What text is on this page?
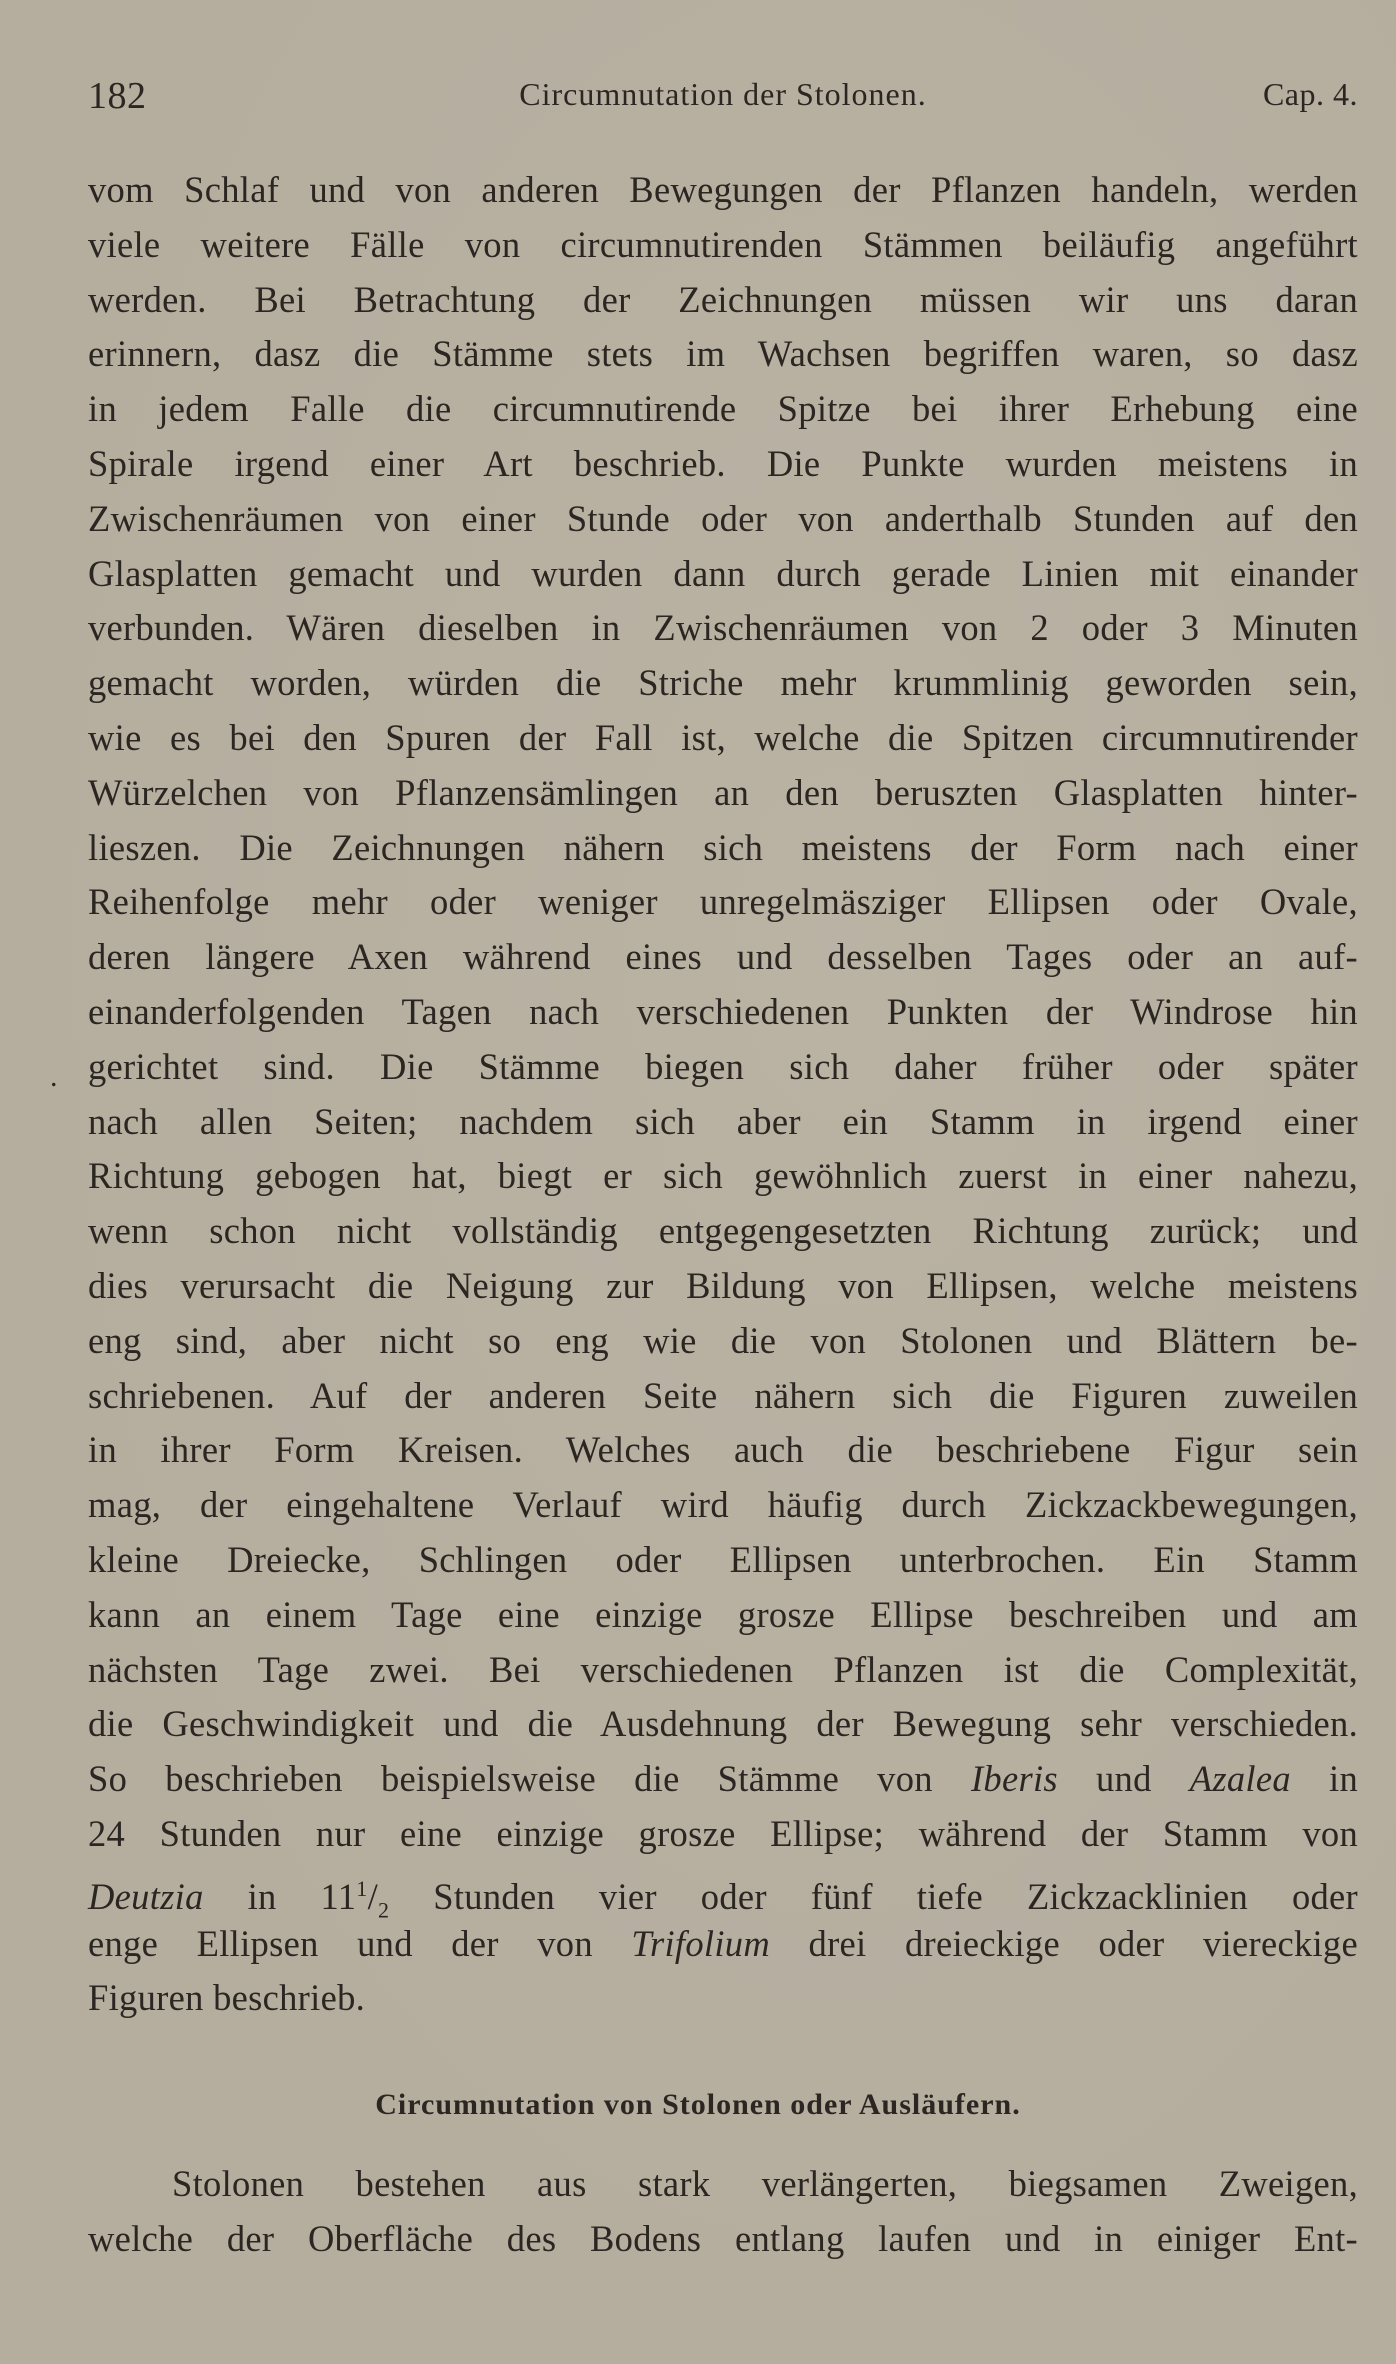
182	Circumnutation der Stolonen.	Cap. 4.
.
vom Schlaf und von anderen Bewegungen der Pflanzen handeln, werden
viele weitere Fälle von circumnutirenden Stämmen beiläufig angeführt
werden. Bei Betrachtung der Zeichnungen müssen wir uns daran
erinnern, dasz die Stämme stets im Wachsen begriffen waren, so dasz
in jedem Falle die circumnutirende Spitze bei ihrer Erhebung eine
Spirale irgend einer Art beschrieb. Die Punkte wurden meistens in
Zwischenräumen von einer Stunde oder von anderthalb Stunden auf den
Glasplatten gemacht und wurden dann durch gerade Linien mit einander
verbunden. Wären dieselben in Zwischenräumen von 2 oder 3 Minuten
gemacht worden, würden die Striche mehr krummlinig geworden sein,
wie es bei den Spuren der Fall ist, welche die Spitzen circumnutirender
Würzelchen von Pflanzensämlingen an den beruszten Glasplatten hinter-
lieszen. Die Zeichnungen nähern sich meistens der Form nach einer
Reihenfolge mehr oder weniger unregelmäsziger Ellipsen oder Ovale,
deren längere Axen während eines und desselben Tages oder an auf-
einanderfolgenden Tagen nach verschiedenen Punkten der Windrose hin
gerichtet sind. Die Stämme biegen sich daher früher oder später
nach allen Seiten; nachdem sich aber ein Stamm in irgend einer
Richtung gebogen hat, biegt er sich gewöhnlich zuerst in einer nahezu,
wenn schon nicht vollständig entgegengesetzten Richtung zurück; und
dies verursacht die Neigung zur Bildung von Ellipsen, welche meistens
eng sind, aber nicht so eng wie die von Stolonen und Blättern be-
schriebenen. Auf der anderen Seite nähern sich die Figuren zuweilen
in ihrer Form Kreisen. Welches auch die beschriebene Figur sein
mag, der eingehaltene Verlauf wird häufig durch Zickzackbewegungen,
kleine Dreiecke, Schlingen oder Ellipsen unterbrochen. Ein Stamm
kann an einem Tage eine einzige grosze Ellipse beschreiben und am
nächsten Tage zwei. Bei verschiedenen Pflanzen ist die Complexität,
die Geschwindigkeit und die Ausdehnung der Bewegung sehr verschieden.
So beschrieben beispielsweise die Stämme von Iberis und Azalea in
24 Stunden nur eine einzige grosze Ellipse; während der Stamm von
Deutzia in $11^1/_2$ Stunden vier oder fünf tiefe Zickzacklinien oder
enge Ellipsen und der von Trifolium drei dreieckige oder viereckige
Figuren beschrieb.
Circumnutation von Stolonen oder Ausläufern.
Stolonen bestehen aus stark verlängerten, biegsamen Zweigen,
welche der Oberfläche des Bodens entlang laufen und in einiger Ent-
